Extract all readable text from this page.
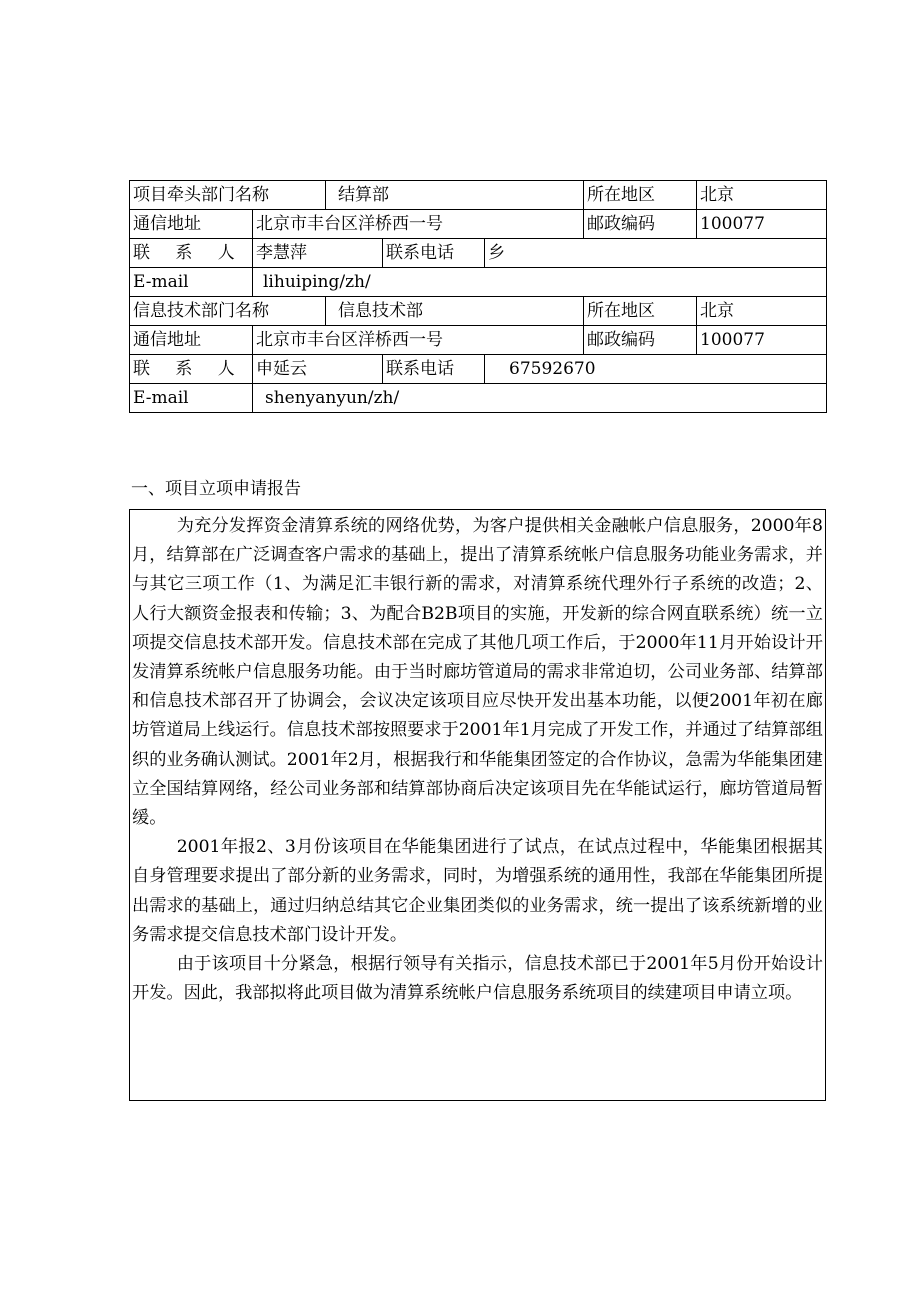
项目牵头部门名称		结算部			所在地区	北京
通信地址	北京市丰台区洋桥西一号				邮政编码	100077
联 系 人	李慧萍		联系电话	乡		
E-mail	lihuiping/zh/					
信息技术部门名称		信息技术部			所在地区	北京
通信地址	北京市丰台区洋桥西一号				邮政编码	100077
联 系 人	申延云		联系电话	67592670		
E-mail	shenyanyun/zh/					
一、项目立项申请报告

为充分发挥资金清算系统的网络优势，为客户提供相关金融帐户信息服务，2000年8月，结算部在广泛调查客户需求的基础上，提出了清算系统帐户信息服务功能业务需求，并与其它三项工作（1、为满足汇丰银行新的需求，对清算系统代理外行子系统的改造；2、人行大额资金报表和传输；3、为配合B2B项目的实施，开发新的综合网直联系统）统一立项提交信息技术部开发。信息技术部在完成了其他几项工作后，于2000年11月开始设计开发清算系统帐户信息服务功能。由于当时廊坊管道局的需求非常迫切，公司业务部、结算部和信息技术部召开了协调会，会议决定该项目应尽快开发出基本功能，以便2001年初在廊坊管道局上线运行。信息技术部按照要求于2001年1月完成了开发工作，并通过了结算部组织的业务确认测试。2001年2月，根据我行和华能集团签定的合作协议，急需为华能集团建立全国结算网络，经公司业务部和结算部协商后决定该项目先在华能试运行，廊坊管道局暂缓。

2001年报2、3月份该项目在华能集团进行了试点，在试点过程中，华能集团根据其自身管理要求提出了部分新的业务需求，同时，为增强系统的通用性，我部在华能集团所提出需求的基础上，通过归纳总结其它企业集团类似的业务需求，统一提出了该系统新增的业务需求提交信息技术部门设计开发。

由于该项目十分紧急，根据行领导有关指示，信息技术部已于2001年5月份开始设计开发。因此，我部拟将此项目做为清算系统帐户信息服务系统项目的续建项目申请立项。
